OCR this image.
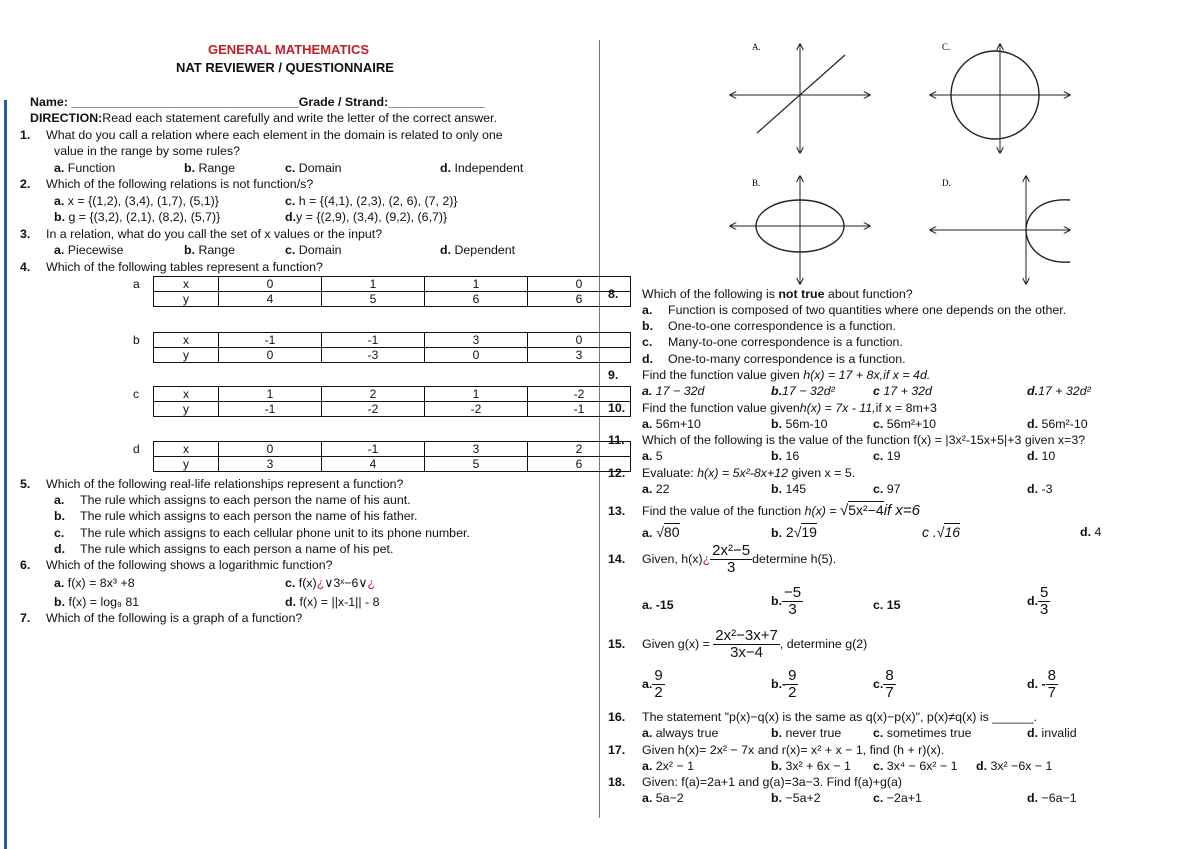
GENERAL MATHEMATICS
NAT REVIEWER / QUESTIONNAIRE
Name: _________________________________Grade / Strand:______________
DIRECTION:Read each statement carefully and write the letter of the correct answer.
1. What do you call a relation where each element in the domain is related to only one
value in the range by some rules?
a. Function	b. Range	c. Domain	d. Independent
2. Which of the following relations is not function/s?
a. x = {(1,2), (3,4), (1,7), (5,1)}	c. h = {(4,1), (2,3), (2, 6), (7, 2)}
b. g = {(3,2), (2,1), (8,2), (5,7)}	d.y = {(2,9), (3,4), (9,2), (6,7)}
3. In a relation, what do you call the set of x values or the input?
a. Piecewise	b. Range	c. Domain	d. Dependent
4. Which of the following tables represent a function?
a	x	0	1	1	0
y	4	5	6	6
b	x	-1	-1	3	0
y	0	-3	0	3
c	x	1	2	1	-2
y	-1	-2	-2	-1
d	x	0	-1	3	2
y	3	4	5	6
5. Which of the following real-life relationships represent a function?
a. The rule which assigns to each person the name of his aunt.
b. The rule which assigns to each person the name of his father.
c. The rule which assigns to each cellular phone unit to its phone number.
d. The rule which assigns to each person a name of his pet.
6. Which of the following shows a logarithmic function?
a. f(x) = 8x³ +8	c. f(x)¿∨3ˣ−6∨¿
b. f(x) = log₉ 81	d. f(x) = ||x-1|| - 8
7. Which of the following is a graph of a function?
A.	C.
B.	D.
8. Which of the following is not true about function?
a. Function is composed of two quantities where one depends on the other.
b. One-to-one correspondence is a function.
c. Many-to-one correspondence is a function.
d. One-to-many correspondence is a function.
9. Find the function value given h(x) = 17 + 8x,if x = 4d.
a. 17 − 32d	b.17 − 32d²	c 17 + 32d	d.17 + 32d²
10. Find the function value givenh(x) = 7x - 11,if x = 8m+3
a. 56m+10	b. 56m-10	c. 56m²+10	d. 56m²-10
11. Which of the following is the value of the function f(x) = |3x²-15x+5|+3 given x=3?
a. 5	b. 16	c. 19	d. 10
12. Evaluate: h(x) = 5x²-8x+12 given x = 5.
a. 22	b. 145	c. 97	d. -3
13. Find the value of the function h(x) = √5x²−4if x=6
a. √80	b. 2√19	c .√16	d. 4
14. Given, h(x)¿ $\frac{\text{2x²−5}}{3}$ determine h(5).
a. -15	b. $\frac{-5}{3}$	c. 15	d. $\frac{5}{3}$
15. Given $g(x) = \frac{\text{2x²−3x+7}}{3x-4}$ , determine g(2)
a. $\frac{9}{2}$	$b.- \frac{9}{2}$	c. $\frac{8}{7}$	d. - $\frac{8}{7}$
16. The statement "p(x)−q(x) is the same as q(x)−p(x)", p(x)≠q(x) is ______.
a. always true	b. never true	c. sometimes true	d. invalid
17. Given h(x)= 2x² − 7x and r(x)= x² + x − 1, find (h + r)(x).
a. 2x² − 1	b. 3x² + 6x − 1 c. 3x⁴ − 6x² − 1 d. 3x² −6x − 1
18. Given: f(a)=2a+1 and g(a)=3a−3. Find f(a)+g(a)
a. 5a−2	b. −5a+2	c. −2a+1	d. −6a−1
